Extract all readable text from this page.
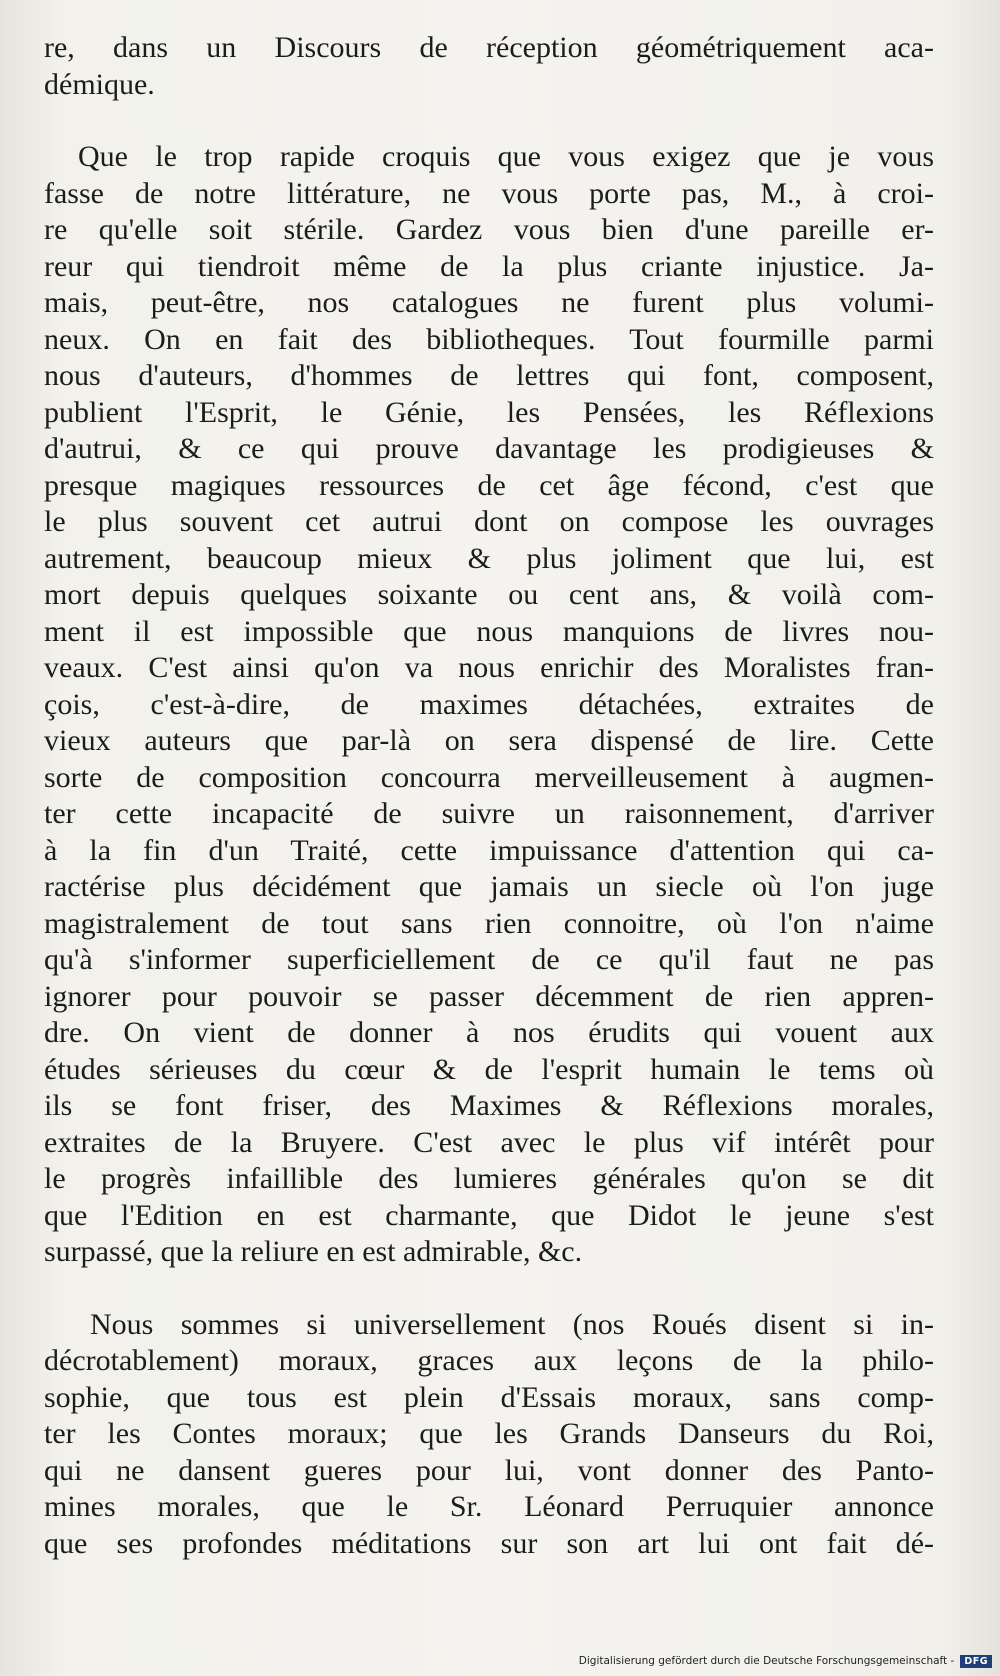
re, dans un Discours de réception géométriquement aca-
démique.
Que le trop rapide croquis que vous exigez que je vous
fasse de notre littérature, ne vous porte pas, M., à croi-
re qu'elle soit stérile. Gardez vous bien d'une pareille er-
reur qui tiendroit même de la plus criante injustice. Ja-
mais, peut-être, nos catalogues ne furent plus volumi-
neux. On en fait des bibliotheques. Tout fourmille parmi
nous d'auteurs, d'hommes de lettres qui font, composent,
publient l'Esprit, le Génie, les Pensées, les Réflexions
d'autrui, & ce qui prouve davantage les prodigieuses &
presque magiques ressources de cet âge fécond, c'est que
le plus souvent cet autrui dont on compose les ouvrages
autrement, beaucoup mieux & plus joliment que lui, est
mort depuis quelques soixante ou cent ans, & voilà com-
ment il est impossible que nous manquions de livres nou-
veaux. C'est ainsi qu'on va nous enrichir des Moralistes fran-
çois, c'est-à-dire, de maximes détachées, extraites de
vieux auteurs que par-là on sera dispensé de lire. Cette
sorte de composition concourra merveilleusement à augmen-
ter cette incapacité de suivre un raisonnement, d'arriver
à la fin d'un Traité, cette impuissance d'attention qui ca-
ractérise plus décidément que jamais un siecle où l'on juge
magistralement de tout sans rien connoitre, où l'on n'aime
qu'à s'informer superficiellement de ce qu'il faut ne pas
ignorer pour pouvoir se passer décemment de rien appren-
dre. On vient de donner à nos érudits qui vouent aux
études sérieuses du cœur & de l'esprit humain le tems où
ils se font friser, des Maximes & Réflexions morales,
extraites de la Bruyere. C'est avec le plus vif intérêt pour
le progrès infaillible des lumieres générales qu'on se dit
que l'Edition en est charmante, que Didot le jeune s'est
surpassé, que la reliure en est admirable, &c.
Nous sommes si universellement (nos Roués disent si in-
décrotablement) moraux, graces aux leçons de la philo-
sophie, que tous est plein d'Essais moraux, sans comp-
ter les Contes moraux; que les Grands Danseurs du Roi,
qui ne dansent gueres pour lui, vont donner des Panto-
mines morales, que le Sr. Léonard Perruquier annonce
que ses profondes méditations sur son art lui ont fait dé-
Digitalisierung gefördert durch die Deutsche Forschungsgemeinschaft -	DFG
